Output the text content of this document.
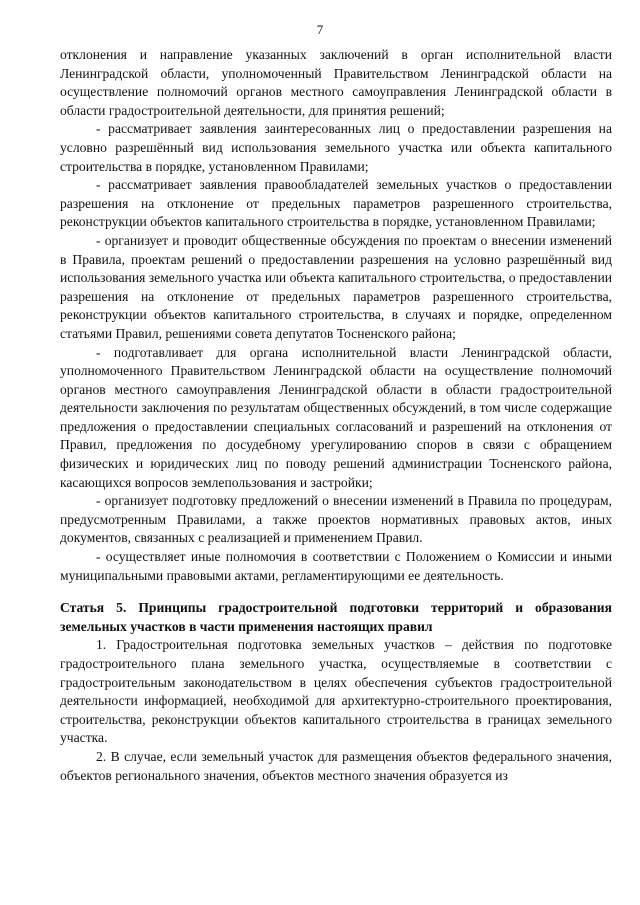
7

отклонения и направление указанных заключений в орган исполнительной власти Ленинградской области, уполномоченный Правительством Ленинградской области на осуществление полномочий органов местного самоуправления Ленинградской области в области градостроительной деятельности, для принятия решений;

- рассматривает заявления заинтересованных лиц о предоставлении разрешения на условно разрешённый вид использования земельного участка или объекта капитального строительства в порядке, установленном Правилами;

- рассматривает заявления правообладателей земельных участков о предоставлении разрешения на отклонение от предельных параметров разрешенного строительства, реконструкции объектов капитального строительства в порядке, установленном Правилами;

- организует и проводит общественные обсуждения по проектам о внесении изменений в Правила, проектам решений о предоставлении разрешения на условно разрешённый вид использования земельного участка или объекта капитального строительства, о предоставлении разрешения на отклонение от предельных параметров разрешенного строительства, реконструкции объектов капитального строительства, в случаях и порядке, определенном статьями Правил, решениями совета депутатов Тосненского района;

- подготавливает для органа исполнительной власти Ленинградской области, уполномоченного Правительством Ленинградской области на осуществление полномочий органов местного самоуправления Ленинградской области в области градостроительной деятельности заключения по результатам общественных обсуждений, в том числе содержащие предложения о предоставлении специальных согласований и разрешений на отклонения от Правил, предложения по досудебному урегулированию споров в связи с обращением физических и юридических лиц по поводу решений администрации Тосненского района, касающихся вопросов землепользования и застройки;

- организует подготовку предложений о внесении изменений в Правила по процедурам, предусмотренным Правилами, а также проектов нормативных правовых актов, иных документов, связанных с реализацией и применением Правил.

- осуществляет иные полномочия в соответствии с Положением о Комиссии и иными муниципальными правовыми актами, регламентирующими ее деятельность.

Статья 5. Принципы градостроительной подготовки территорий и образования земельных участков в части применения настоящих правил

1. Градостроительная подготовка земельных участков – действия по подготовке градостроительного плана земельного участка, осуществляемые в соответствии с градостроительным законодательством в целях обеспечения субъектов градостроительной деятельности информацией, необходимой для архитектурно-строительного проектирования, строительства, реконструкции объектов капитального строительства в границах земельного участка.

2. В случае, если земельный участок для размещения объектов федерального значения, объектов регионального значения, объектов местного значения образуется из
